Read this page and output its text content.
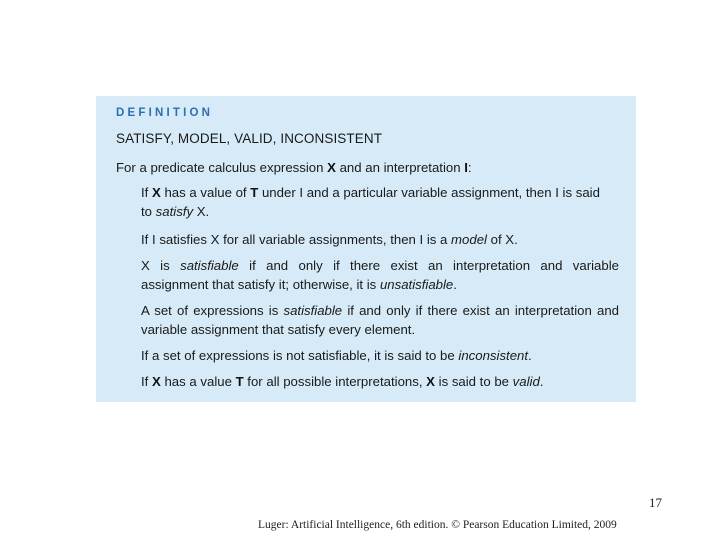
DEFINITION
SATISFY, MODEL, VALID, INCONSISTENT
For a predicate calculus expression X and an interpretation I:
If X has a value of T under I and a particular variable assignment, then I is said
to satisfy X.
If I satisfies X for all variable assignments, then I is a model of X.
X is satisfiable if and only if there exist an interpretation and variable
assignment that satisfy it; otherwise, it is unsatisfiable.
A set of expressions is satisfiable if and only if there exist an interpretation and
variable assignment that satisfy every element.
If a set of expressions is not satisfiable, it is said to be inconsistent.
If X has a value T for all possible interpretations, X is said to be valid.
17
Luger: Artificial Intelligence, 6th edition. © Pearson Education Limited, 2009
